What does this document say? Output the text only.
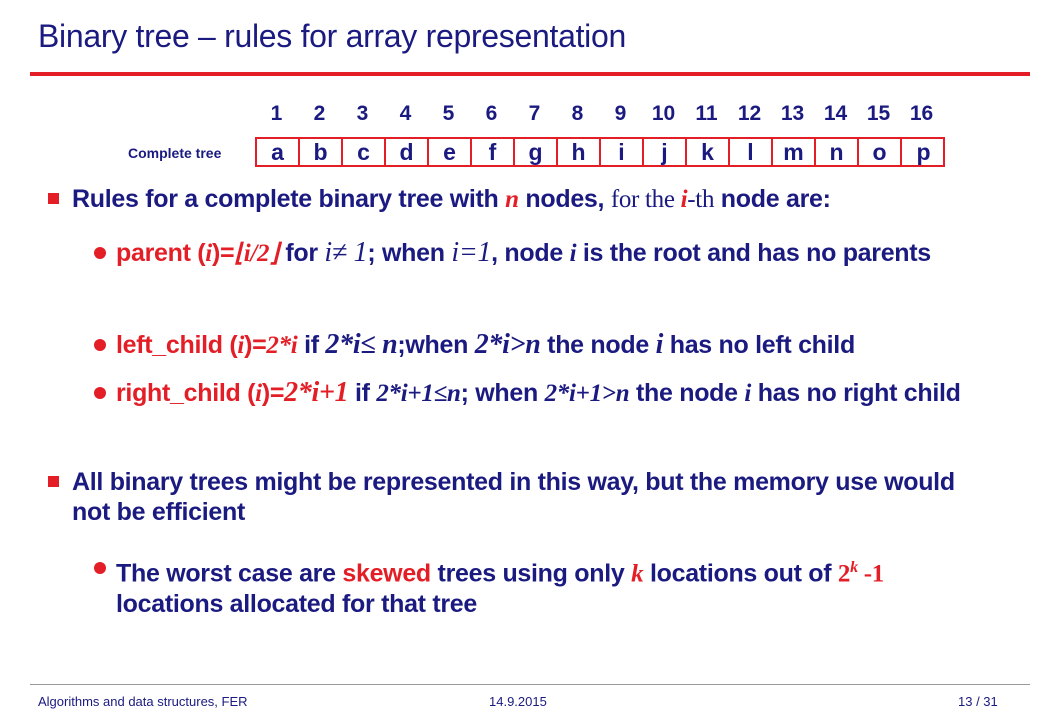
Binary tree – rules for array representation
1	2	3	4	5	6	7	8	9	10 11 12 13 14 15 16
Complete tree	a	b	c	d	e	f	g	h	i	j	k	l	m	n	o	p
Rules for a complete binary tree with n nodes, for the i-th node are:
parent (i)=⌊i/2⌋ for i≠ 1; when i=1, node i is the root and has no parents
left_child (i)=2*i if 2*i≤ n;when 2*i>n the node i has no left child
right_child (i)=2*i+1 if 2*i+1≤n; when 2*i+1>n the node i has no right child
All binary trees might be represented in this way, but the memory use would not be efficient
The worst case are skewed trees using only k locations out of 2$^k$ -1 locations allocated for that tree
Algorithms and data structures, FER	14.9.2015	13 / 31
